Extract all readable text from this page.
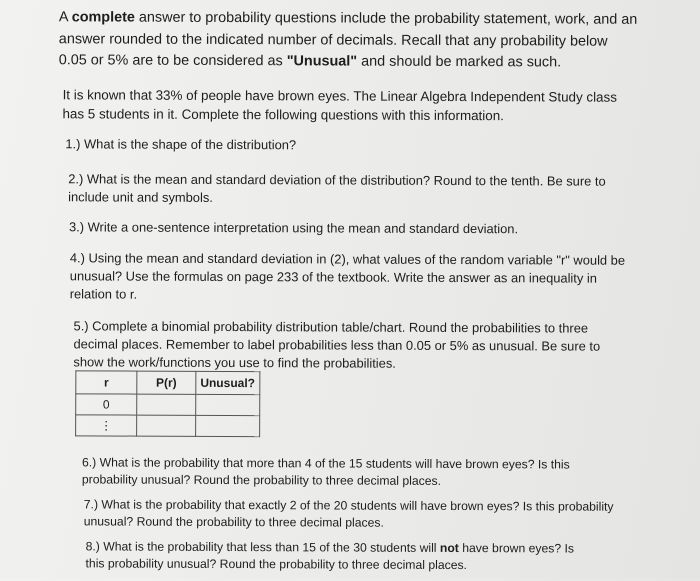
A complete answer to probability questions include the probability statement, work, and an answer rounded to the indicated number of decimals. Recall that any probability below 0.05 or 5% are to be considered as "Unusual" and should be marked as such.

It is known that 33% of people have brown eyes. The Linear Algebra Independent Study class has 5 students in it. Complete the following questions with this information.

1.) What is the shape of the distribution?

2.) What is the mean and standard deviation of the distribution? Round to the tenth. Be sure to include unit and symbols.

3.) Write a one-sentence interpretation using the mean and standard deviation.

4.) Using the mean and standard deviation in (2), what values of the random variable "r" would be unusual? Use the formulas on page 233 of the textbook. Write the answer as an inequality in relation to r.

5.) Complete a binomial probability distribution table/chart. Round the probabilities to three decimal places. Remember to label probabilities less than 0.05 or 5% as unusual. Be sure to show the work/functions you use to find the probabilities.

r	P(r)	Unusual?
0		
⋮		

6.) What is the probability that more than 4 of the 15 students will have brown eyes? Is this probability unusual? Round the probability to three decimal places.

7.) What is the probability that exactly 2 of the 20 students will have brown eyes? Is this probability unusual? Round the probability to three decimal places.

8.) What is the probability that less than 15 of the 30 students will not have brown eyes? Is this probability unusual? Round the probability to three decimal places.
